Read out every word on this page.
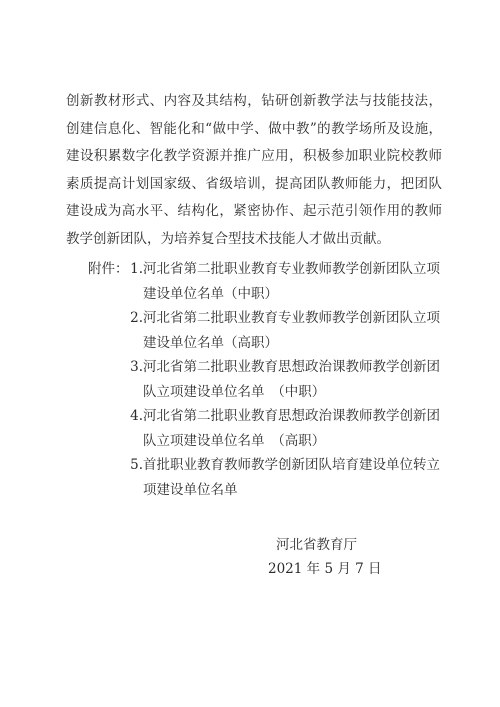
创新教材形式、内容及其结构，钻研创新教学法与技能技法，创建信息化、智能化和“做中学、做中教”的教学场所及设施，建设积累数字化教学资源并推广应用，积极参加职业院校教师素质提高计划国家级、省级培训，提高团队教师能力，把团队建设成为高水平、结构化，紧密协作、起示范引领作用的教师教学创新团队，为培养复合型技术技能人才做出贡献。

附件： 1. 河北省第二批职业教育专业教师教学创新团队立项建设单位名单（中职）
2. 河北省第二批职业教育专业教师教学创新团队立项建设单位名单（高职）
3. 河北省第二批职业教育思想政治课教师教学创新团队立项建设单位名单　（中职）
4. 河北省第二批职业教育思想政治课教师教学创新团队立项建设单位名单　（高职）
5. 首批职业教育教师教学创新团队培育建设单位转立项建设单位名单
河北省教育厅
2021 年 5 月 7 日
